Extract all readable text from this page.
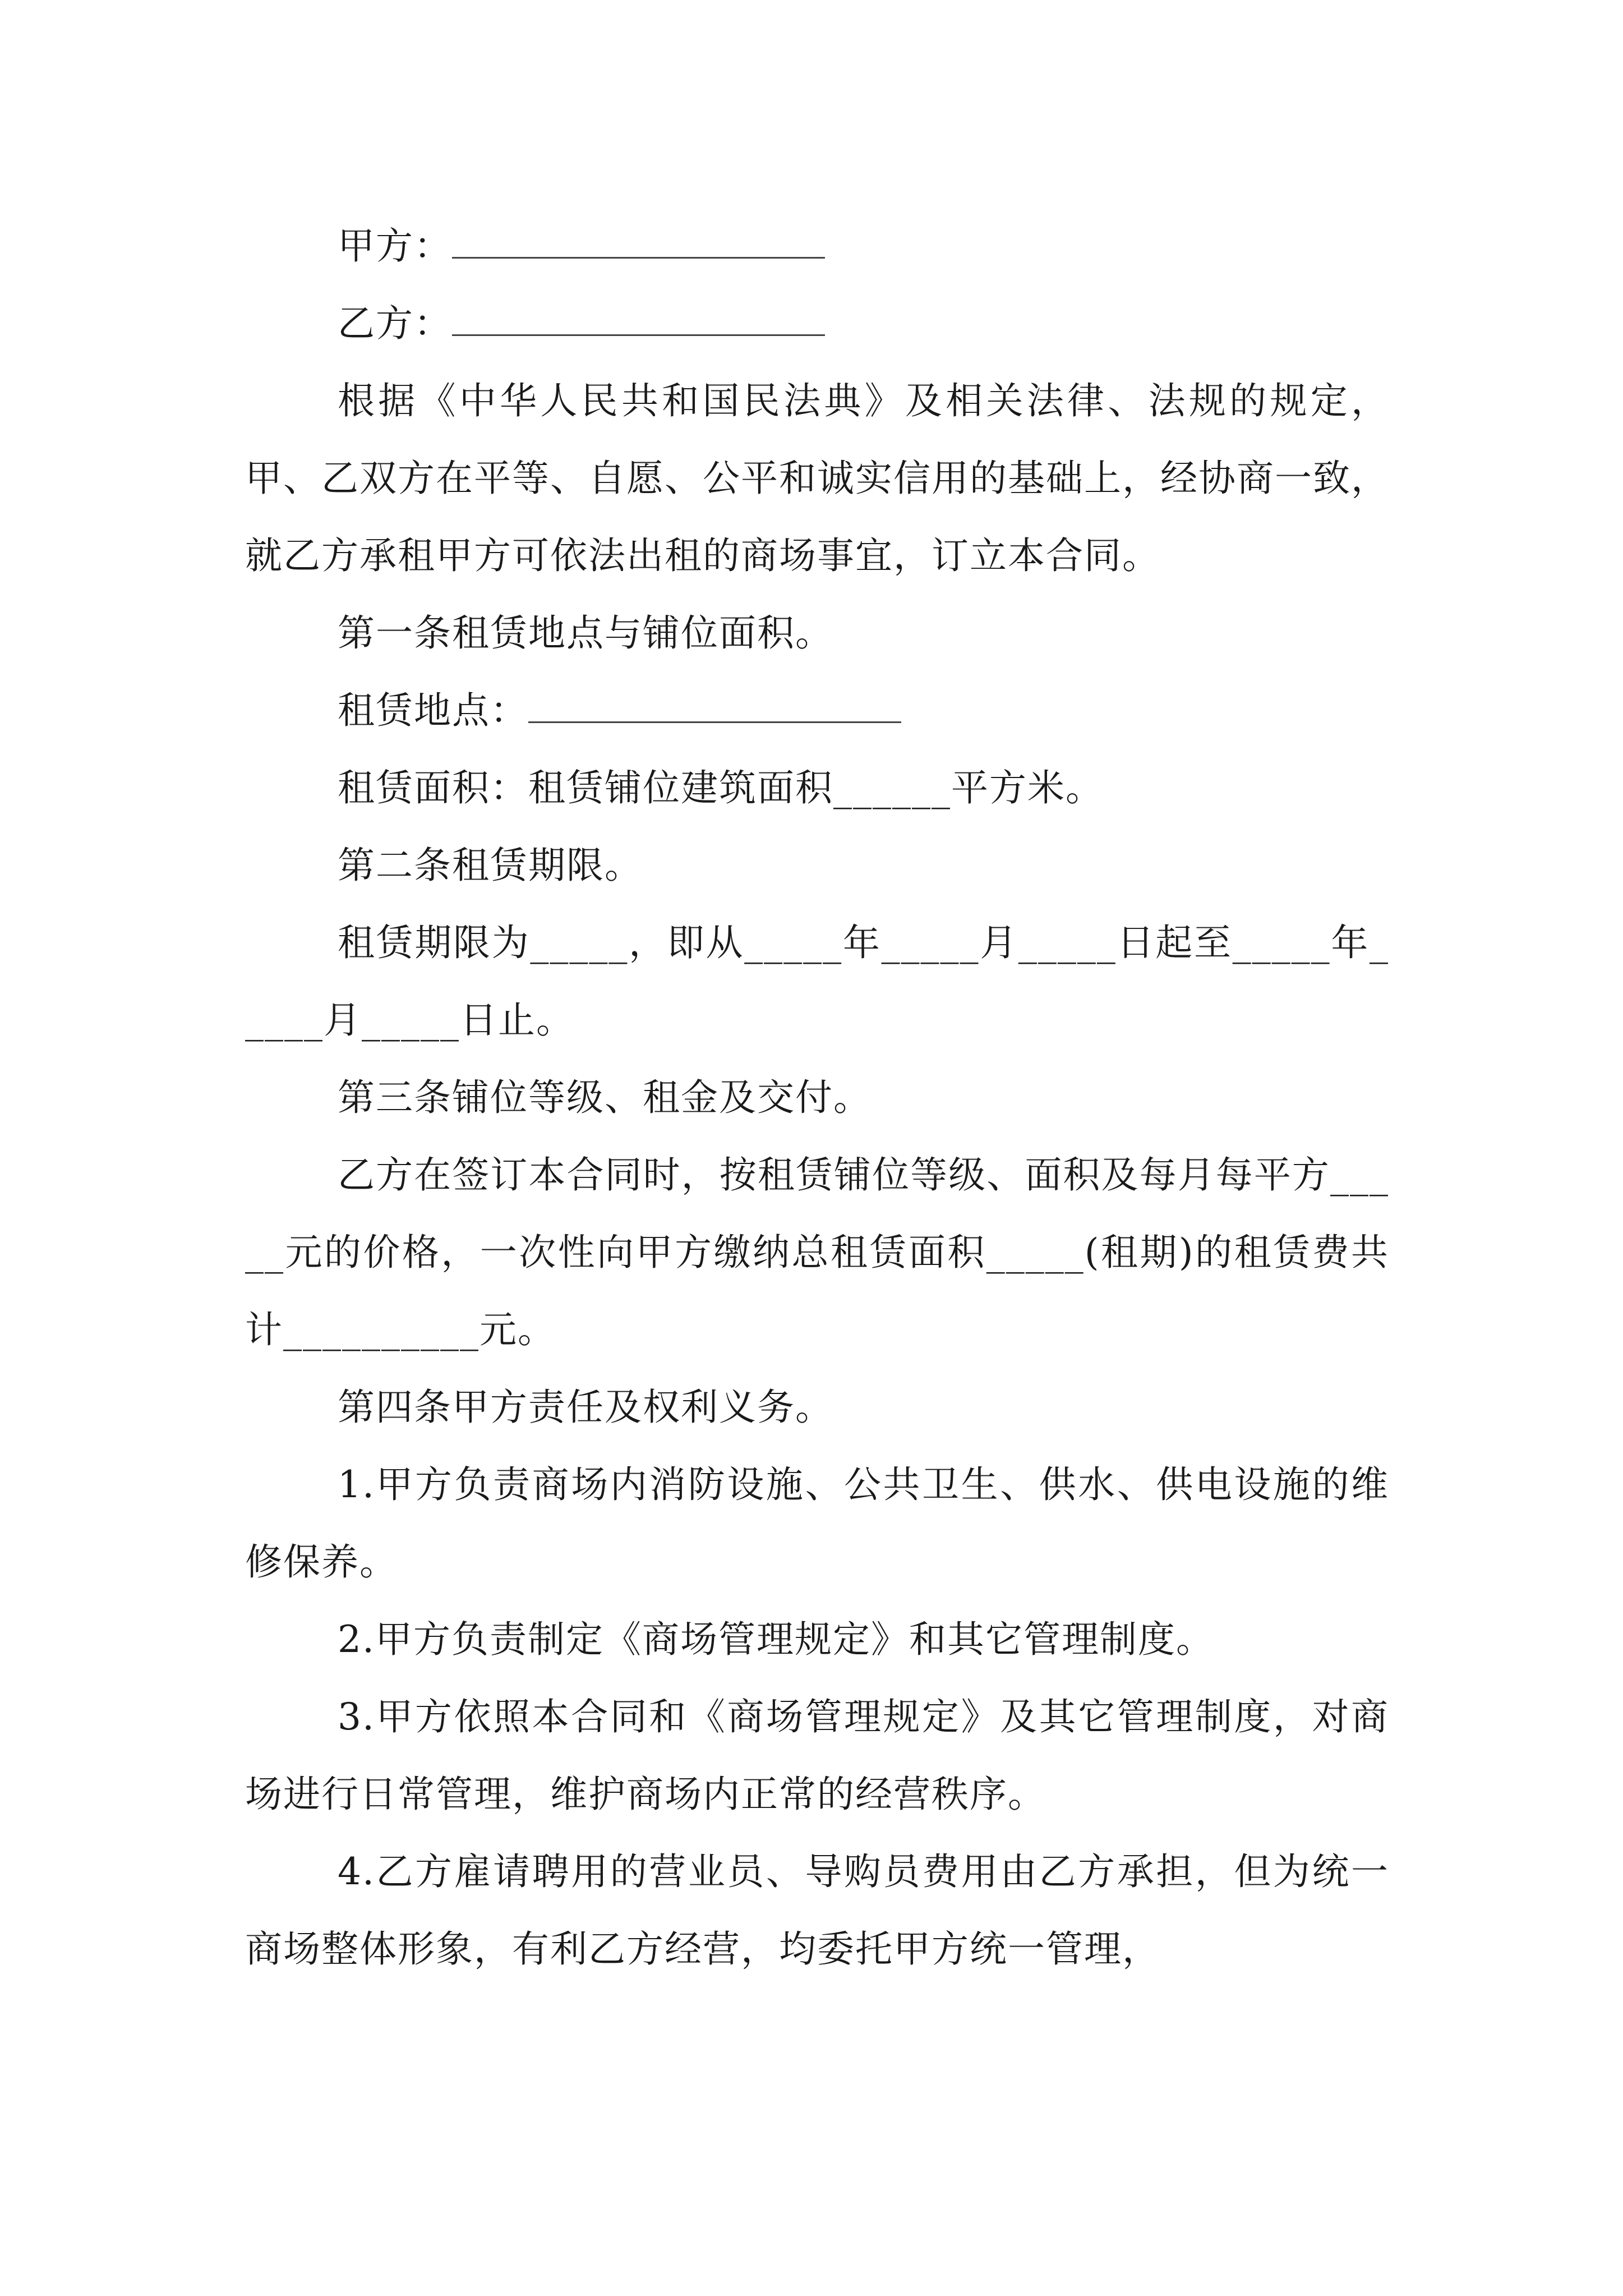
甲方：

乙方：

根据《中华人民共和国民法典》及相关法律、法规的规定，甲、乙双方在平等、自愿、公平和诚实信用的基础上，经协商一致，就乙方承租甲方可依法出租的商场事宜，订立本合同。

第一条租赁地点与铺位面积。

租赁地点：

租赁面积：租赁铺位建筑面积______平方米。

第二条租赁期限。

租赁期限为_____，即从_____年_____月_____日起至_____年_____月_____日止。

第三条铺位等级、租金及交付。

乙方在签订本合同时，按租赁铺位等级、面积及每月每平方_____元的价格，一次性向甲方缴纳总租赁面积_____(租期)的租赁费共计__________元。

第四条甲方责任及权利义务。

1.甲方负责商场内消防设施、公共卫生、供水、供电设施的维修保养。

2.甲方负责制定《商场管理规定》和其它管理制度。

3.甲方依照本合同和《商场管理规定》及其它管理制度，对商场进行日常管理，维护商场内正常的经营秩序。

4.乙方雇请聘用的营业员、导购员费用由乙方承担，但为统一商场整体形象，有利乙方经营，均委托甲方统一管理，
